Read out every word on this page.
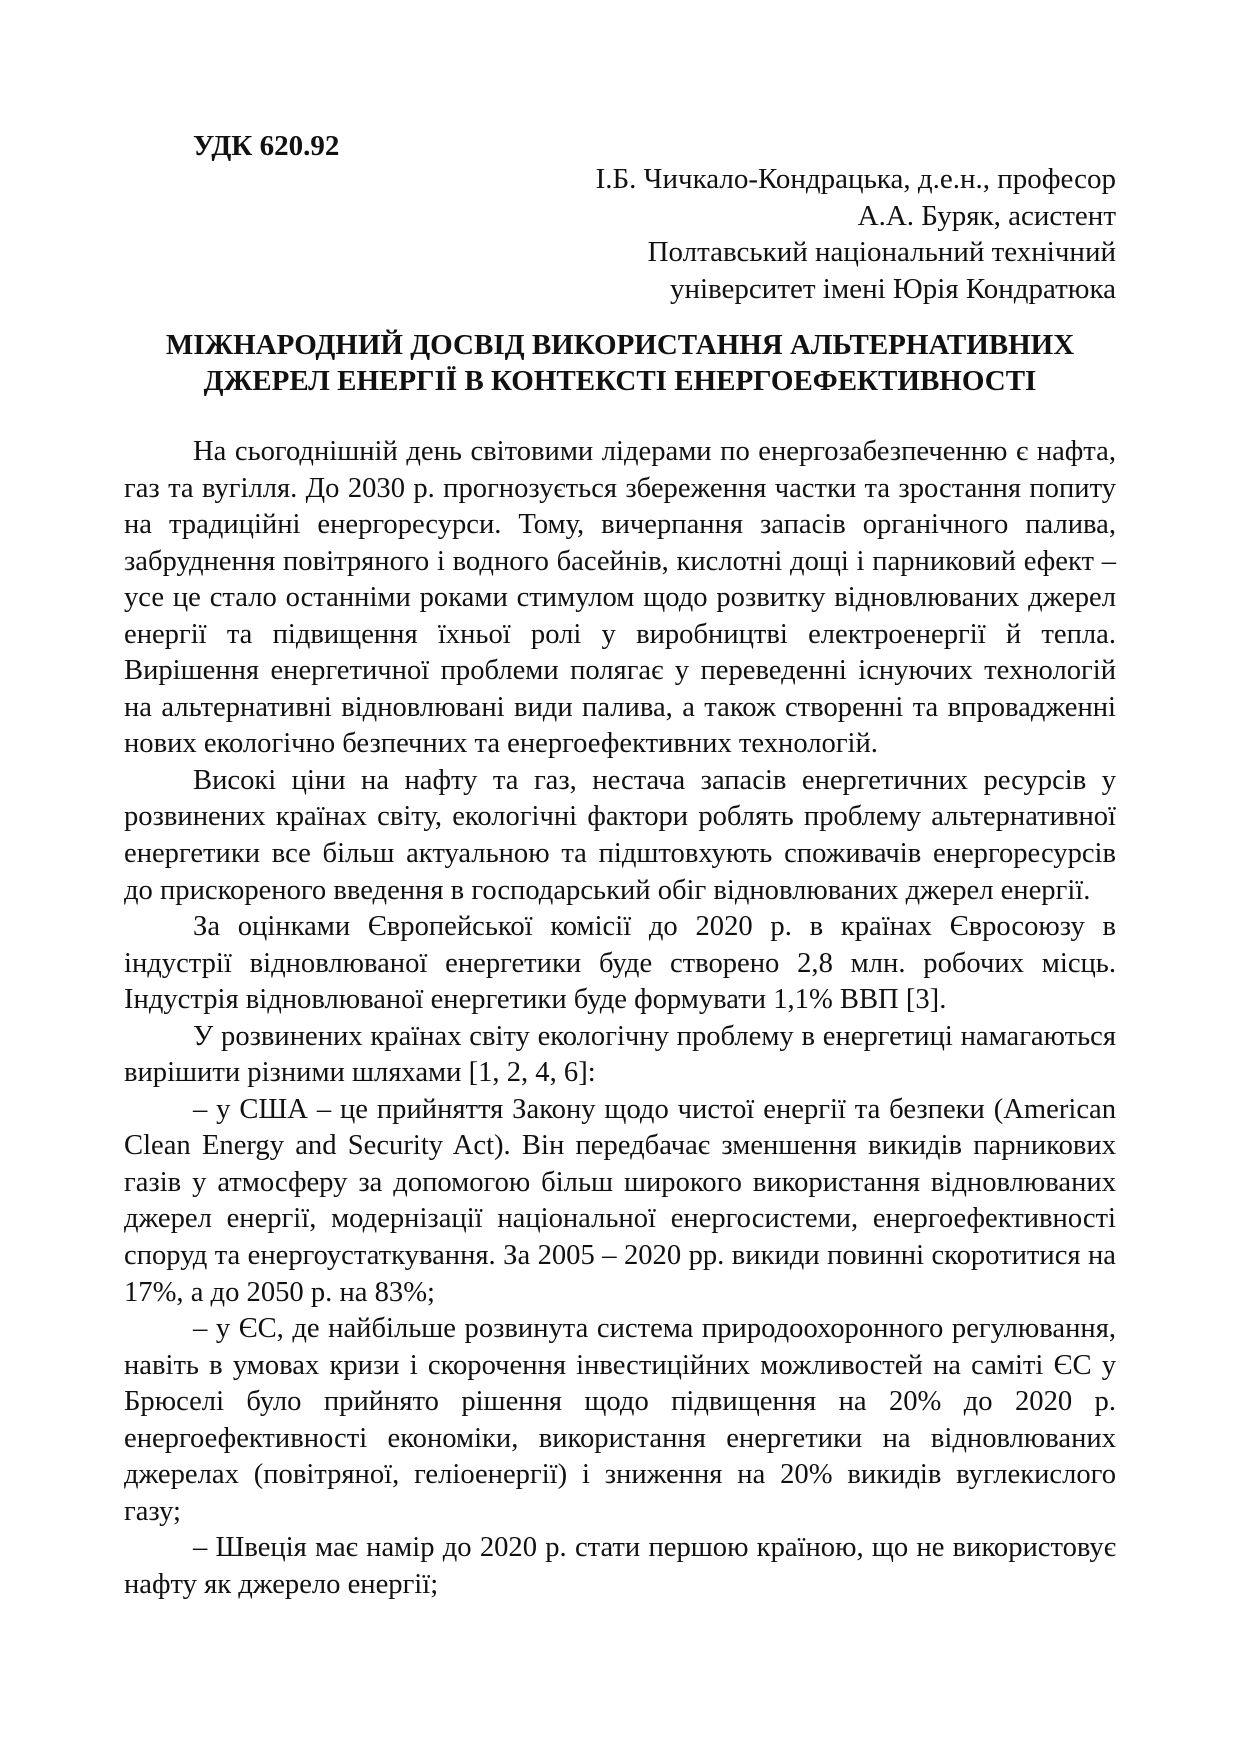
УДК 620.92
І.Б. Чичкало-Кондрацька, д.е.н., професор
А.А. Буряк, асистент
Полтавський національний технічний
університет імені Юрія Кондратюка
МІЖНАРОДНИЙ ДОСВІД ВИКОРИСТАННЯ АЛЬТЕРНАТИВНИХ
ДЖЕРЕЛ ЕНЕРГІЇ В КОНТЕКСТІ ЕНЕРГОЕФЕКТИВНОСТІ

На сьогоднішній день світовими лідерами по енергозабезпеченню є нафта, газ та вугілля. До 2030 р. прогнозується збереження частки та зростання попиту на традиційні енергоресурси. Тому, вичерпання запасів органічного палива, забруднення повітряного і водного басейнів, кислотні дощі і парниковий ефект – усе це стало останніми роками стимулом щодо розвитку відновлюваних джерел енергії та підвищення їхньої ролі у виробництві електроенергії й тепла. Вирішення енергетичної проблеми полягає у переведенні існуючих технологій на альтернативні відновлювані види палива, а також створенні та впровадженні нових екологічно безпечних та енергоефективних технологій.

Високі ціни на нафту та газ, нестача запасів енергетичних ресурсів у розвинених країнах світу, екологічні фактори роблять проблему альтернативної енергетики все більш актуальною та підштовхують споживачів енергоресурсів до прискореного введення в господарський обіг відновлюваних джерел енергії.

За оцінками Європейської комісії до 2020 р. в країнах Євросоюзу в індустрії відновлюваної енергетики буде створено 2,8 млн. робочих місць. Індустрія відновлюваної енергетики буде формувати 1,1% ВВП [3].

У розвинених країнах світу екологічну проблему в енергетиці намагаються вирішити різними шляхами [1, 2, 4, 6]:

– у США – це прийняття Закону щодо чистої енергії та безпеки (American Clean Energy and Security Act). Він передбачає зменшення викидів парникових газів у атмосферу за допомогою більш широкого використання відновлюваних джерел енергії, модернізації національної енергосистеми, енергоефективності споруд та енергоустаткування. За 2005 – 2020 рр. викиди повинні скоротитися на 17%, а до 2050 р. на 83%;

– у ЄС, де найбільше розвинута система природоохоронного регулювання, навіть в умовах кризи і скорочення інвестиційних можливостей на саміті ЄС у Брюселі було прийнято рішення щодо підвищення на 20% до 2020 р. енергоефективності економіки, використання енергетики на відновлюваних джерелах (повітряної, геліоенергії) і зниження на 20% викидів вуглекислого газу;

– Швеція має намір до 2020 р. стати першою країною, що не використовує нафту як джерело енергії;
